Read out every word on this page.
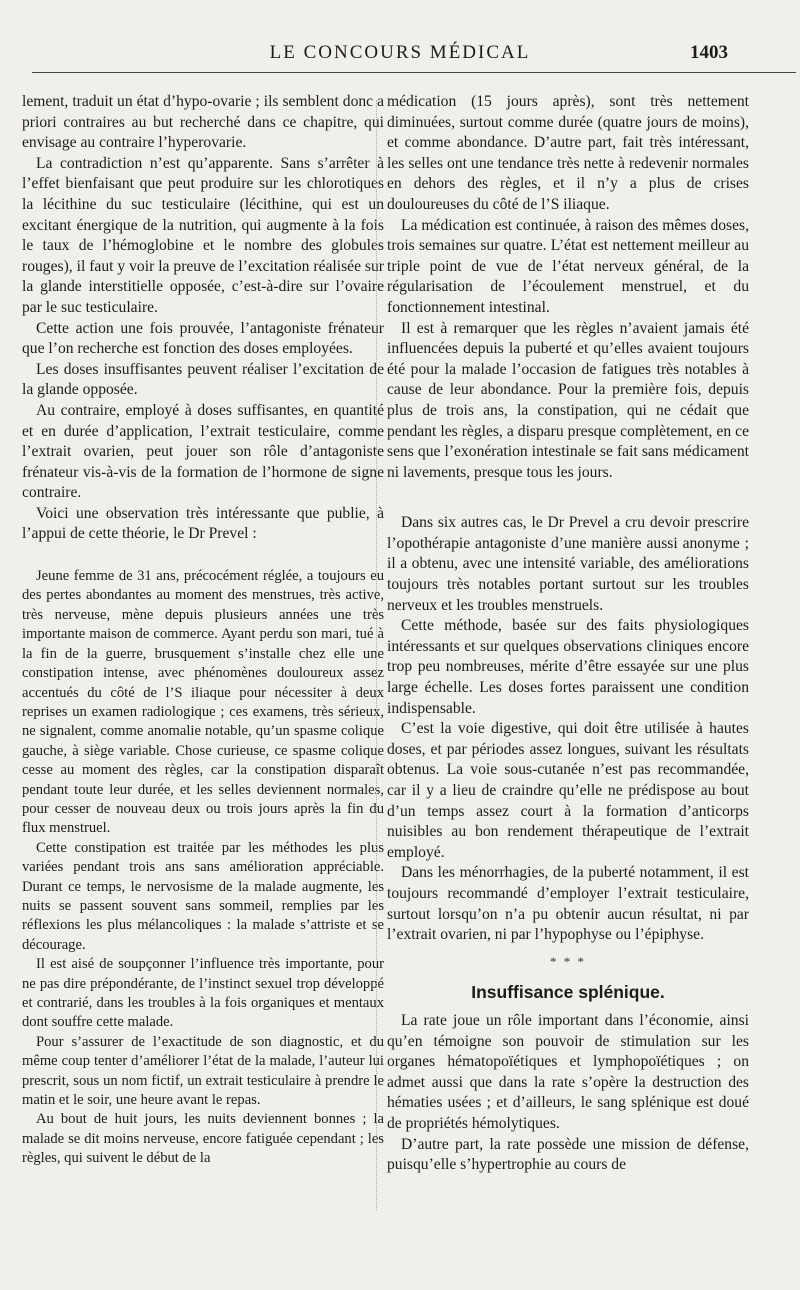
LE CONCOURS MÉDICAL	1403

lement, traduit un état d’hypo-ovarie ; ils semblent donc a priori contraires au but recherché dans ce chapitre, qui envisage au contraire l’hyperovarie.

La contradiction n’est qu’apparente. Sans s’arrêter à l’effet bienfaisant que peut produire sur les chlorotiques la lécithine du suc testiculaire (lécithine, qui est un excitant énergique de la nutrition, qui augmente à la fois le taux de l’hémoglobine et le nombre des globules rouges), il faut y voir la preuve de l’excitation réalisée sur la glande interstitielle opposée, c’est-à-dire sur l’ovaire par le suc testiculaire.

Cette action une fois prouvée, l’antagoniste frénateur que l’on recherche est fonction des doses employées.

Les doses insuffisantes peuvent réaliser l’excitation de la glande opposée.

Au contraire, employé à doses suffisantes, en quantité et en durée d’application, l’extrait testiculaire, comme l’extrait ovarien, peut jouer son rôle d’antagoniste frénateur vis-à-vis de la formation de l’hormone de signe contraire.

Voici une observation très intéressante que publie, à l’appui de cette théorie, le Dr Prevel :

Jeune femme de 31 ans, précocément réglée, a toujours eu des pertes abondantes au moment des menstrues, très active, très nerveuse, mène depuis plusieurs années une très importante maison de commerce. Ayant perdu son mari, tué à la fin de la guerre, brusquement s’installe chez elle une constipation intense, avec phénomènes douloureux assez accentués du côté de l’S iliaque pour nécessiter à deux reprises un examen radiologique ; ces examens, très sérieux, ne signalent, comme anomalie notable, qu’un spasme colique gauche, à siège variable. Chose curieuse, ce spasme colique cesse au moment des règles, car la constipation disparaît pendant toute leur durée, et les selles deviennent normales, pour cesser de nouveau deux ou trois jours après la fin du flux menstruel.

Cette constipation est traitée par les méthodes les plus variées pendant trois ans sans amélioration appréciable. Durant ce temps, le nervosisme de la malade augmente, les nuits se passent souvent sans sommeil, remplies par les réflexions les plus mélancoliques : la malade s’attriste et se décourage.

Il est aisé de soupçonner l’influence très importante, pour ne pas dire prépondérante, de l’instinct sexuel trop développé et contrarié, dans les troubles à la fois organiques et mentaux dont souffre cette malade.

Pour s’assurer de l’exactitude de son diagnostic, et du même coup tenter d’améliorer l’état de la malade, l’auteur lui prescrit, sous un nom fictif, un extrait testiculaire à prendre le matin et le soir, une heure avant le repas.

Au bout de huit jours, les nuits deviennent bonnes ; la malade se dit moins nerveuse, encore fatiguée cependant ; les règles, qui suivent le début de la

médication (15 jours après), sont très nettement diminuées, surtout comme durée (quatre jours de moins), et comme abondance. D’autre part, fait très intéressant, les selles ont une tendance très nette à redevenir normales en dehors des règles, et il n’y a plus de crises douloureuses du côté de l’S iliaque.

La médication est continuée, à raison des mêmes doses, trois semaines sur quatre. L’état est nettement meilleur au triple point de vue de l’état nerveux général, de la régularisation de l’écoulement menstruel, et du fonctionnement intestinal.

Il est à remarquer que les règles n’avaient jamais été influencées depuis la puberté et qu’elles avaient toujours été pour la malade l’occasion de fatigues très notables à cause de leur abondance. Pour la première fois, depuis plus de trois ans, la constipation, qui ne cédait que pendant les règles, a disparu presque complètement, en ce sens que l’exonération intestinale se fait sans médicament ni lavements, presque tous les jours.

Dans six autres cas, le Dr Prevel a cru devoir prescrire l’opothérapie antagoniste d’une manière aussi anonyme ; il a obtenu, avec une intensité variable, des améliorations toujours très notables portant surtout sur les troubles nerveux et les troubles menstruels.

Cette méthode, basée sur des faits physiologiques intéressants et sur quelques observations cliniques encore trop peu nombreuses, mérite d’être essayée sur une plus large échelle. Les doses fortes paraissent une condition indispensable.

C’est la voie digestive, qui doit être utilisée à hautes doses, et par périodes assez longues, suivant les résultats obtenus. La voie sous-cutanée n’est pas recommandée, car il y a lieu de craindre qu’elle ne prédispose au bout d’un temps assez court à la formation d’anticorps nuisibles au bon rendement thérapeutique de l’extrait employé.

Dans les ménorrhagies, de la puberté notamment, il est toujours recommandé d’employer l’extrait testiculaire, surtout lorsqu’on n’a pu obtenir aucun résultat, ni par l’extrait ovarien, ni par l’hypophyse ou l’épiphyse.

* * *
Insuffisance splénique.

La rate joue un rôle important dans l’économie, ainsi qu’en témoigne son pouvoir de stimulation sur les organes hématopoïétiques et lymphopoïétiques ; on admet aussi que dans la rate s’opère la destruction des hématies usées ; et d’ailleurs, le sang splénique est doué de propriétés hémolytiques.

D’autre part, la rate possède une mission de défense, puisqu’elle s’hypertrophie au cours de
